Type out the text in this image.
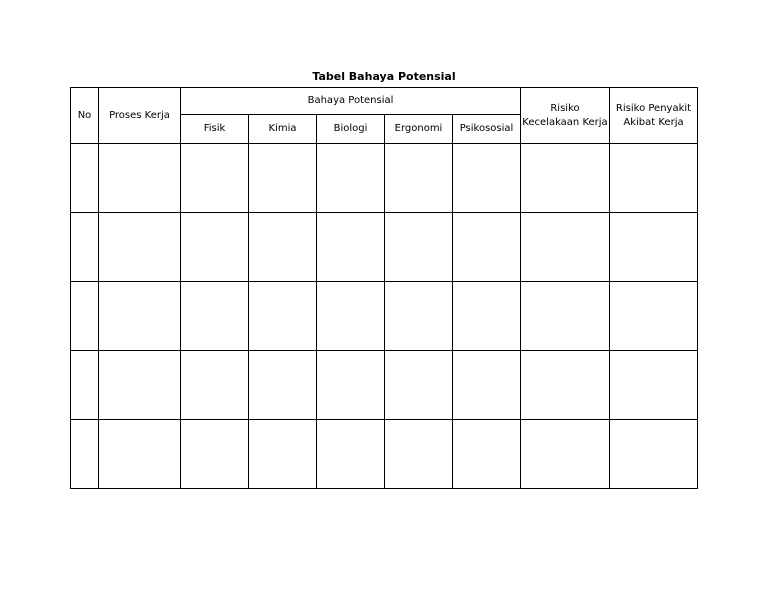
Tabel Bahaya Potensial
No	Proses Kerja	Bahaya Potensial					Risiko Kecelakaan Kerja	Risiko Penyakit Akibat Kerja
		Fisik	Kimia	Biologi	Ergonomi	Psikososial		
